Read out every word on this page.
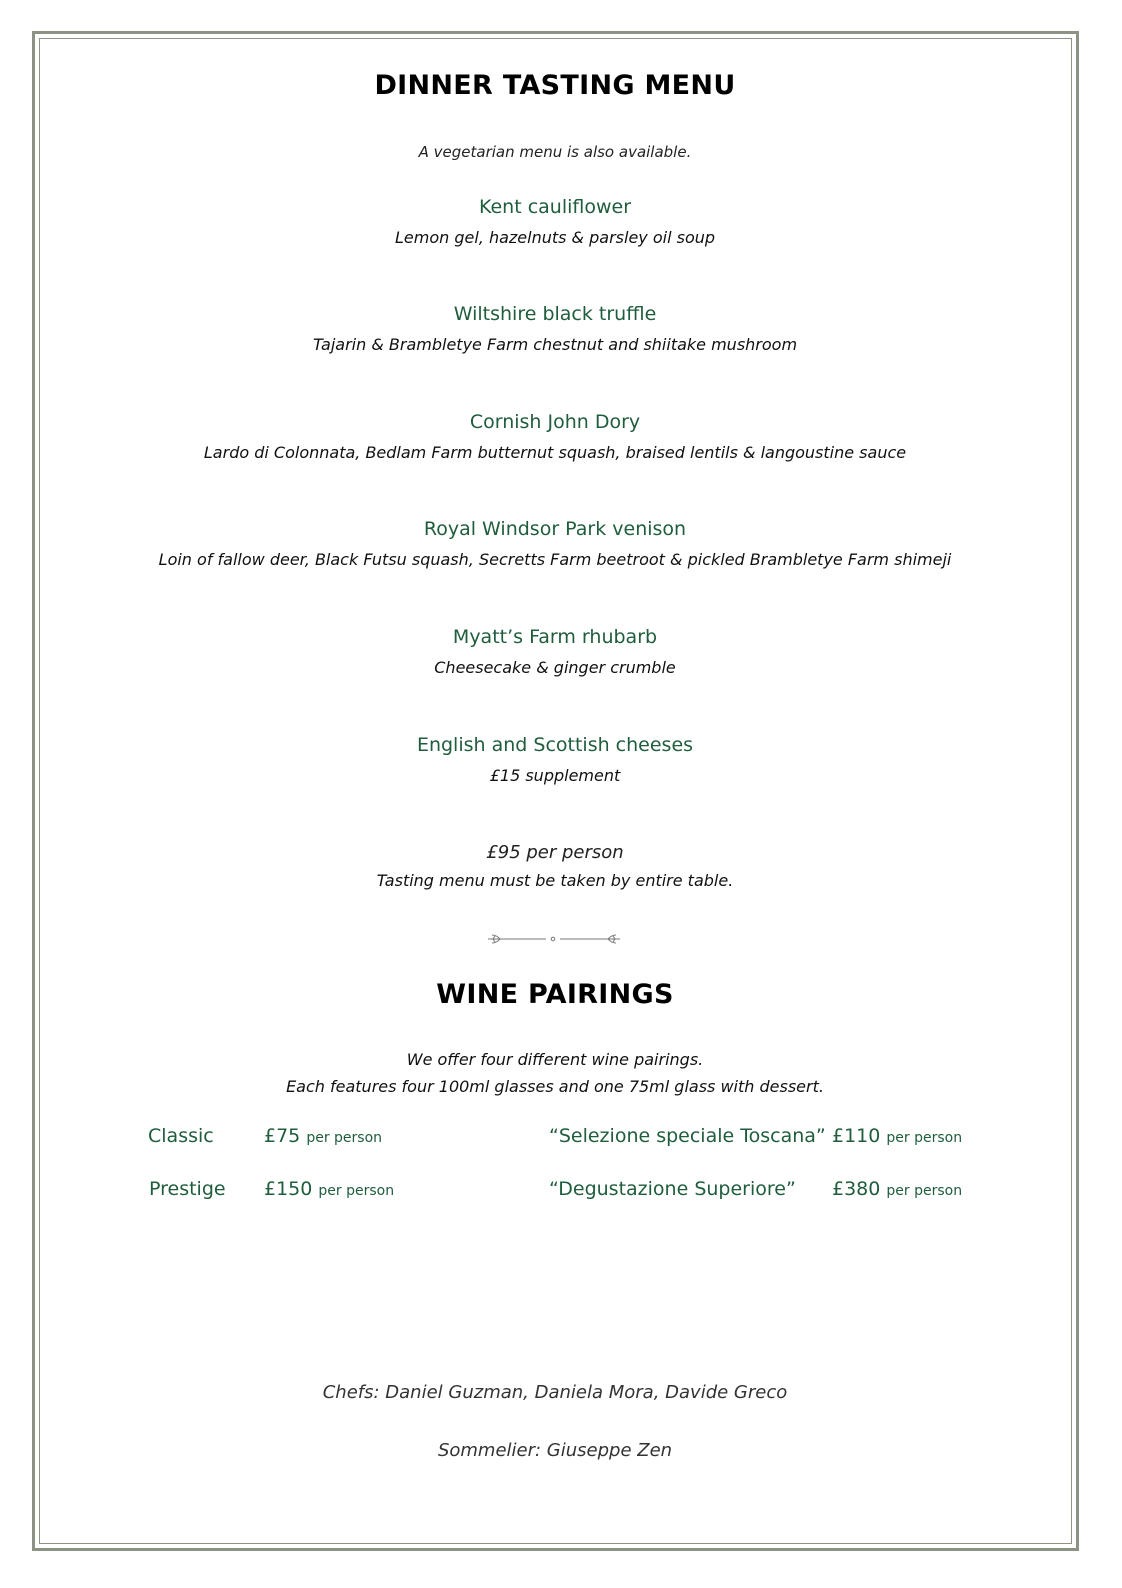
DINNER TASTING MENU
A vegetarian menu is also available.
Kent cauliflower
Lemon gel, hazelnuts & parsley oil soup
Wiltshire black truffle
Tajarin & Brambletye Farm chestnut and shiitake mushroom
Cornish John Dory
Lardo di Colonnata, Bedlam Farm butternut squash, braised lentils & langoustine sauce
Royal Windsor Park venison
Loin of fallow deer, Black Futsu squash, Secretts Farm beetroot & pickled Brambletye Farm shimeji
Myatt’s Farm rhubarb
Cheesecake & ginger crumble
English and Scottish cheeses
£15 supplement
£95 per person
Tasting menu must be taken by entire table.
WINE PAIRINGS
We offer four different wine pairings.
Each features four 100ml glasses and one 75ml glass with dessert.
Classic	£75 per person
Prestige £150 per person
“Selezione speciale Toscana” £110 per person
“Degustazione Superiore” £380 per person
Chefs: Daniel Guzman, Daniela Mora, Davide Greco
Sommelier: Giuseppe Zen
